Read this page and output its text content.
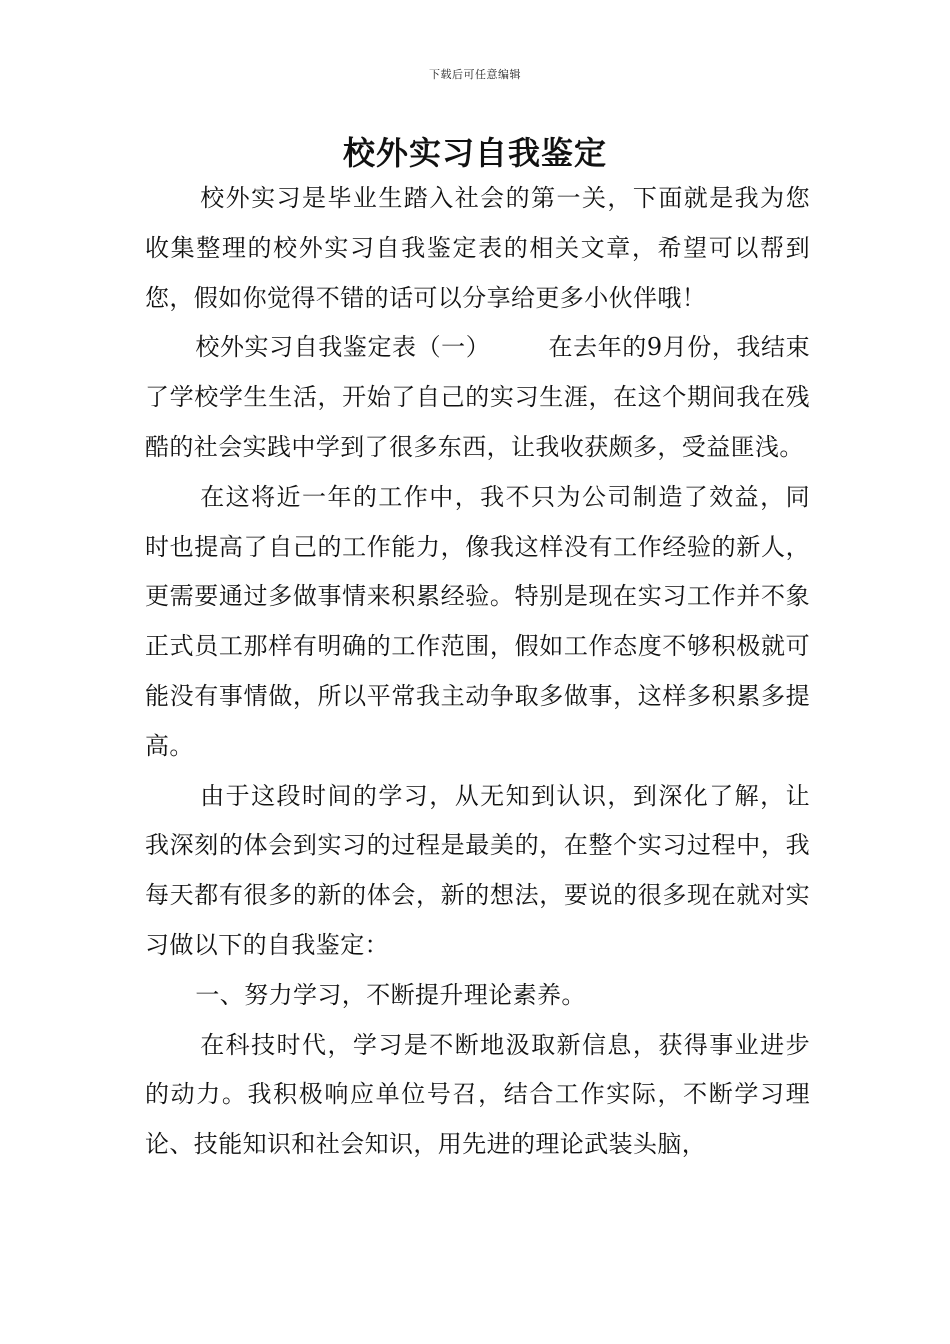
下载后可任意编辑
校外实习自我鉴定

校外实习是毕业生踏入社会的第一关，下面就是我为您收集整理的校外实习自我鉴定表的相关文章，希望可以帮到您，假如你觉得不错的话可以分享给更多小伙伴哦！

校外实习自我鉴定表（一） 在去年的9月份，我结束了学校学生生活，开始了自己的实习生涯，在这个期间我在残酷的社会实践中学到了很多东西，让我收获颇多，受益匪浅。

在这将近一年的工作中，我不只为公司制造了效益，同时也提高了自己的工作能力，像我这样没有工作经验的新人，更需要通过多做事情来积累经验。特别是现在实习工作并不象正式员工那样有明确的工作范围，假如工作态度不够积极就可能没有事情做，所以平常我主动争取多做事，这样多积累多提高。

由于这段时间的学习，从无知到认识，到深化了解，让我深刻的体会到实习的过程是最美的，在整个实习过程中，我每天都有很多的新的体会，新的想法，要说的很多现在就对实习做以下的自我鉴定：

一、努力学习，不断提升理论素养。

在科技时代，学习是不断地汲取新信息，获得事业进步的动力。我积极响应单位号召，结合工作实际，不断学习理论、技能知识和社会知识，用先进的理论武装头脑，
